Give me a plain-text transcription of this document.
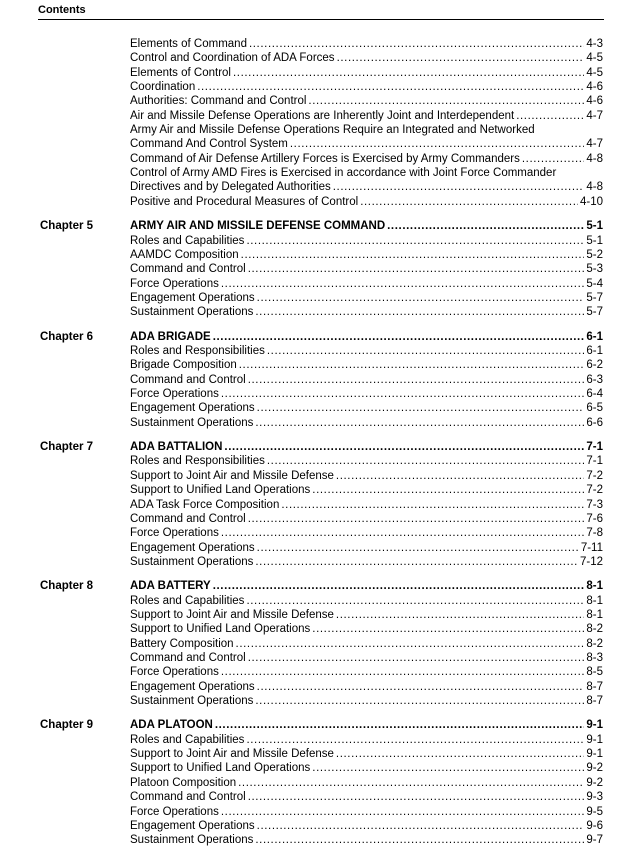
Contents
Elements of Command .....	4-3
Control and Coordination of ADA Forces .....	4-5
Elements of Control .....	4-5
Coordination .....	4-6
Authorities: Command and Control .....	4-6
Air and Missile Defense Operations are Inherently Joint and Interdependent .....	4-7
Army Air and Missile Defense Operations Require an Integrated and Networked
Command And Control System .....	4-7
Command of Air Defense Artillery Forces is Exercised by Army Commanders .....	4-8
Control of Army AMD Fires is Exercised in accordance with Joint Force Commander
Directives and by Delegated Authorities .....	4-8
Positive and Procedural Measures of Control .....	4-10
Chapter 5	ARMY AIR AND MISSILE DEFENSE COMMAND .....	5-1
Roles and Capabilities .....	5-1
AAMDC Composition .....	5-2
Command and Control .....	5-3
Force Operations .....	5-4
Engagement Operations .....	5-7
Sustainment Operations .....	5-7
Chapter 6	ADA BRIGADE .....	6-1
Roles and Responsibilities .....	6-1
Brigade Composition .....	6-2
Command and Control .....	6-3
Force Operations .....	6-4
Engagement Operations .....	6-5
Sustainment Operations .....	6-6
Chapter 7	ADA BATTALION .....	7-1
Roles and Responsibilities .....	7-1
Support to Joint Air and Missile Defense .....	7-2
Support to Unified Land Operations .....	7-2
ADA Task Force Composition .....	7-3
Command and Control .....	7-6
Force Operations .....	7-8
Engagement Operations .....	7-11
Sustainment Operations .....	7-12
Chapter 8	ADA BATTERY .....	8-1
Roles and Capabilities .....	8-1
Support to Joint Air and Missile Defense .....	8-1
Support to Unified Land Operations .....	8-2
Battery Composition .....	8-2
Command and Control .....	8-3
Force Operations .....	8-5
Engagement Operations .....	8-7
Sustainment Operations .....	8-7
Chapter 9	ADA PLATOON .....	9-1
Roles and Capabilities .....	9-1
Support to Joint Air and Missile Defense .....	9-1
Support to Unified Land Operations .....	9-2
Platoon Composition .....	9-2
Command and Control .....	9-3
Force Operations .....	9-5
Engagement Operations .....	9-6
Sustainment Operations .....	9-7
